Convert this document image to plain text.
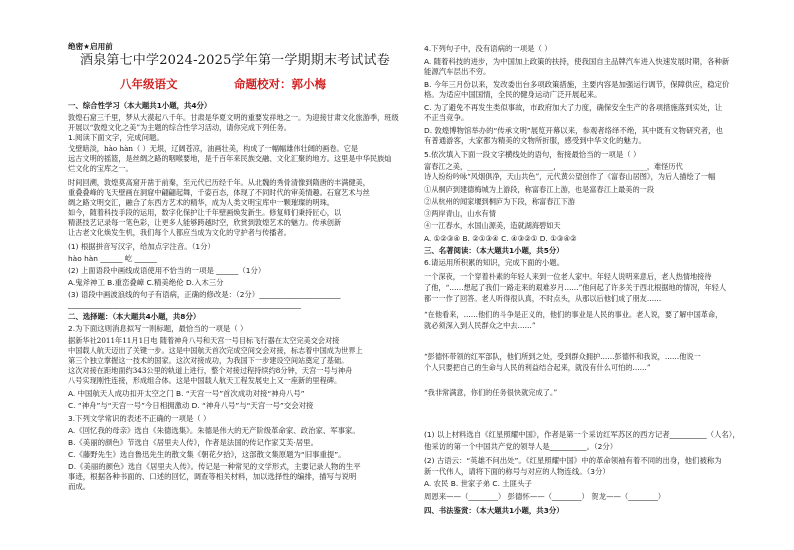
绝密★启用前
酒泉第七中学2024-2025学年第一学期期末考试试卷
八年级语文	命题校对：郭小梅
一、综合性学习（本大题共1小题，共4分）
敦煌石窟三千里，梦从大漠起八千年。甘肃是华夏文明的重要发祥地之一。为迎接甘肃文化旅游季，班级
开展以“敦煌文化之美”为主题的综合性学习活动，请你完成下列任务。
1.阅读下面文字，完成问题。
戈壁暗淡，hào hàn（ ）无垠，辽阔苍凉，油画壮美，构成了一幅幅雄伟壮阔的画卷。它是
远古文明的摇篮，是丝绸之路的咽喉要地，是千百年来民族交融、文化汇聚的地方。这里是中华民族灿
烂文化的宝库之一。
时间回溯，敦煌莫高窟开凿于前秦，至元代已历经千年。从北魏的秀骨清像到隋唐的丰满健美，
重叠叠峰的飞天壁画在洞窟中翩翩起舞，千姿百态，体现了不同时代的审美情趣。石窟艺术与丝
绸之路文明交汇，融合了东西方艺术的精华，成为人类文明宝库中一颗璀璨的明珠。
如今，随着科技手段的运用，数字化保护让千年壁画焕发新生。修复师们秉持匠心，以
精湛技艺记录每一笔色彩，让更多人能够跨越时空，欣赏到敦煌艺术的魅力。传承创新
让古老文化焕发生机，我们每个人都应当成为文化的守护者与传播者。
(1) 根据拼音写汉字，给加点字注音。（1分）
hào hàn ______ 屹 ______
(2) 上面语段中画线成语使用不恰当的一项是 ______（1分）
A.鬼斧神工 B.重峦叠嶂 C.精美绝伦 D.入木三分
(3) 语段中画波浪线的句子有语病，正确的修改是：（2分）______________________
_______________________________________________________________
二、选择题：（本大题共4小题，共8分）
2.为下面这则消息拟写一则标题，最恰当的一项是（ ）
据新华社2011年11月1日电 随着神舟八号和天宫一号目标飞行器在太空完美交会对接
中国载人航天迈出了关键一步。这是中国航天首次完成空间交会对接，标志着中国成为世界上
第三个独立掌握这一技术的国家。这次对接成功，为我国下一步建设空间站奠定了基础。
这次对接在距地面约343公里的轨道上进行，整个对接过程持续约8分钟，天宫一号与神舟
八号实现刚性连接，形成组合体。这是中国载人航天工程发展史上又一座新的里程碑。
A. 中国航天人成功扣开太空之门 B. “天宫一号”首次成功对接“神舟八号”
C. “神舟”与“天宫一号”今日相拥激动 D. “神舟八号”与“天宫一号”交会对接
3.下列文学常识的表述不正确的一项是（ ）
A.《回忆我的母亲》选自《朱德选集》。朱德是伟大的无产阶级革命家、政治家、军事家。
B.《美丽的颜色》节选自《居里夫人传》，作者是法国的传记作家艾芙·居里。
C.《藤野先生》选自鲁迅先生的散文集《朝花夕拾》，这部散文集原题为“旧事重提”。
D.《美丽的颜色》选自《居里夫人传》。传记是一种常见的文学形式，主要记录人物的生平
事迹，根据各种书面的、口述的回忆，调查等相关材料，加以选择性的编排，描写与说明
而成。
4.下列句子中，没有语病的一项是（ ）
A. 随着科技的进步，为中国加上政策的扶持，使我国自主品牌汽车进入快速发展时期，各种新
能源汽车层出不穷。
B. 今年三月份以来，发改委出台多项政策措施，主要内容是加强运行调节，保障供应，稳定价
格。为适应中国国情，全民的健身运动广泛开展起来。
C. 为了避免不再发生类似事故，市政府加大了力度，确保安全生产的各项措施落到实处，让
不正当竞争。
D. 敦煌博物馆举办的“传承文明”展览开幕以来，参观者络绎不绝，其中既有文物研究者，也
有普通游客，大家都为精美的文物所折服，感受到中华文化的魅力。
5.依次填入下面一段文字横线处的语句，衔接最恰当的一项是（ ）
富春江之美，________________________，________________________，难怪历代
诗人纷纷吟咏“风烟俱净，天山共色”，元代黄公望创作了《富春山居图》，为后人描绘了一幅
①从桐庐到建德梅城为上游段，称富春江上游，也是富春江上最美的一段
②从杭州的闻家堰到桐庐为下段，称富春江下游
③两岸青山，山水有情
④一江春水，水国山源美，造就湖海碧如天
A. ①②③④ B. ②①③④ C. ④③②① D. ①③④②
三、名著阅读：（本大题共1小题，共5分）
6.请运用所积累的知识，完成下面的小题。
一个深夜，一个穿着朴素的年轻人来到一位老人家中。年轻人说明来意后，老人热情地接待
了他，“……想起了我们一路走来的艰难岁月……”他问起了许多关于西北根据地的情况，年轻人
都一一作了回答。老人听得很认真，不时点头，从那以后他们成了朋友……
“在他看来，……他们的斗争是正义的，他们的事业是人民的事业。老人说，要了解中国革命，
就必须深入到人民群众之中去……”
“彭德怀带领的红军部队，他们所到之处，受到群众拥护……彭德怀和我说，……他说一
个人只要把自己的生命与人民的利益结合起来，就没有什么可怕的……”
“我非常满意，你们的任务很快就完成了。”
(1) 以上材料选自《红星照耀中国》，作者是第一个采访红军苏区的西方记者__________（人名），
他采访的第一个中国共产党的领导人是__________。（2分）
(2) 古语云：“英雄不问出处”。《红星照耀中国》中的革命领袖有着不同的出身，他们被称为
新一代伟人，请将下面的称号与对应的人物连线。（3分）
A. 农民 B. 世家子弟 C. 土匪头子
周恩来——（________） 彭德怀——（________） 贺龙——（________）
四、书法鉴赏：（本大题共1小题，共3分）
